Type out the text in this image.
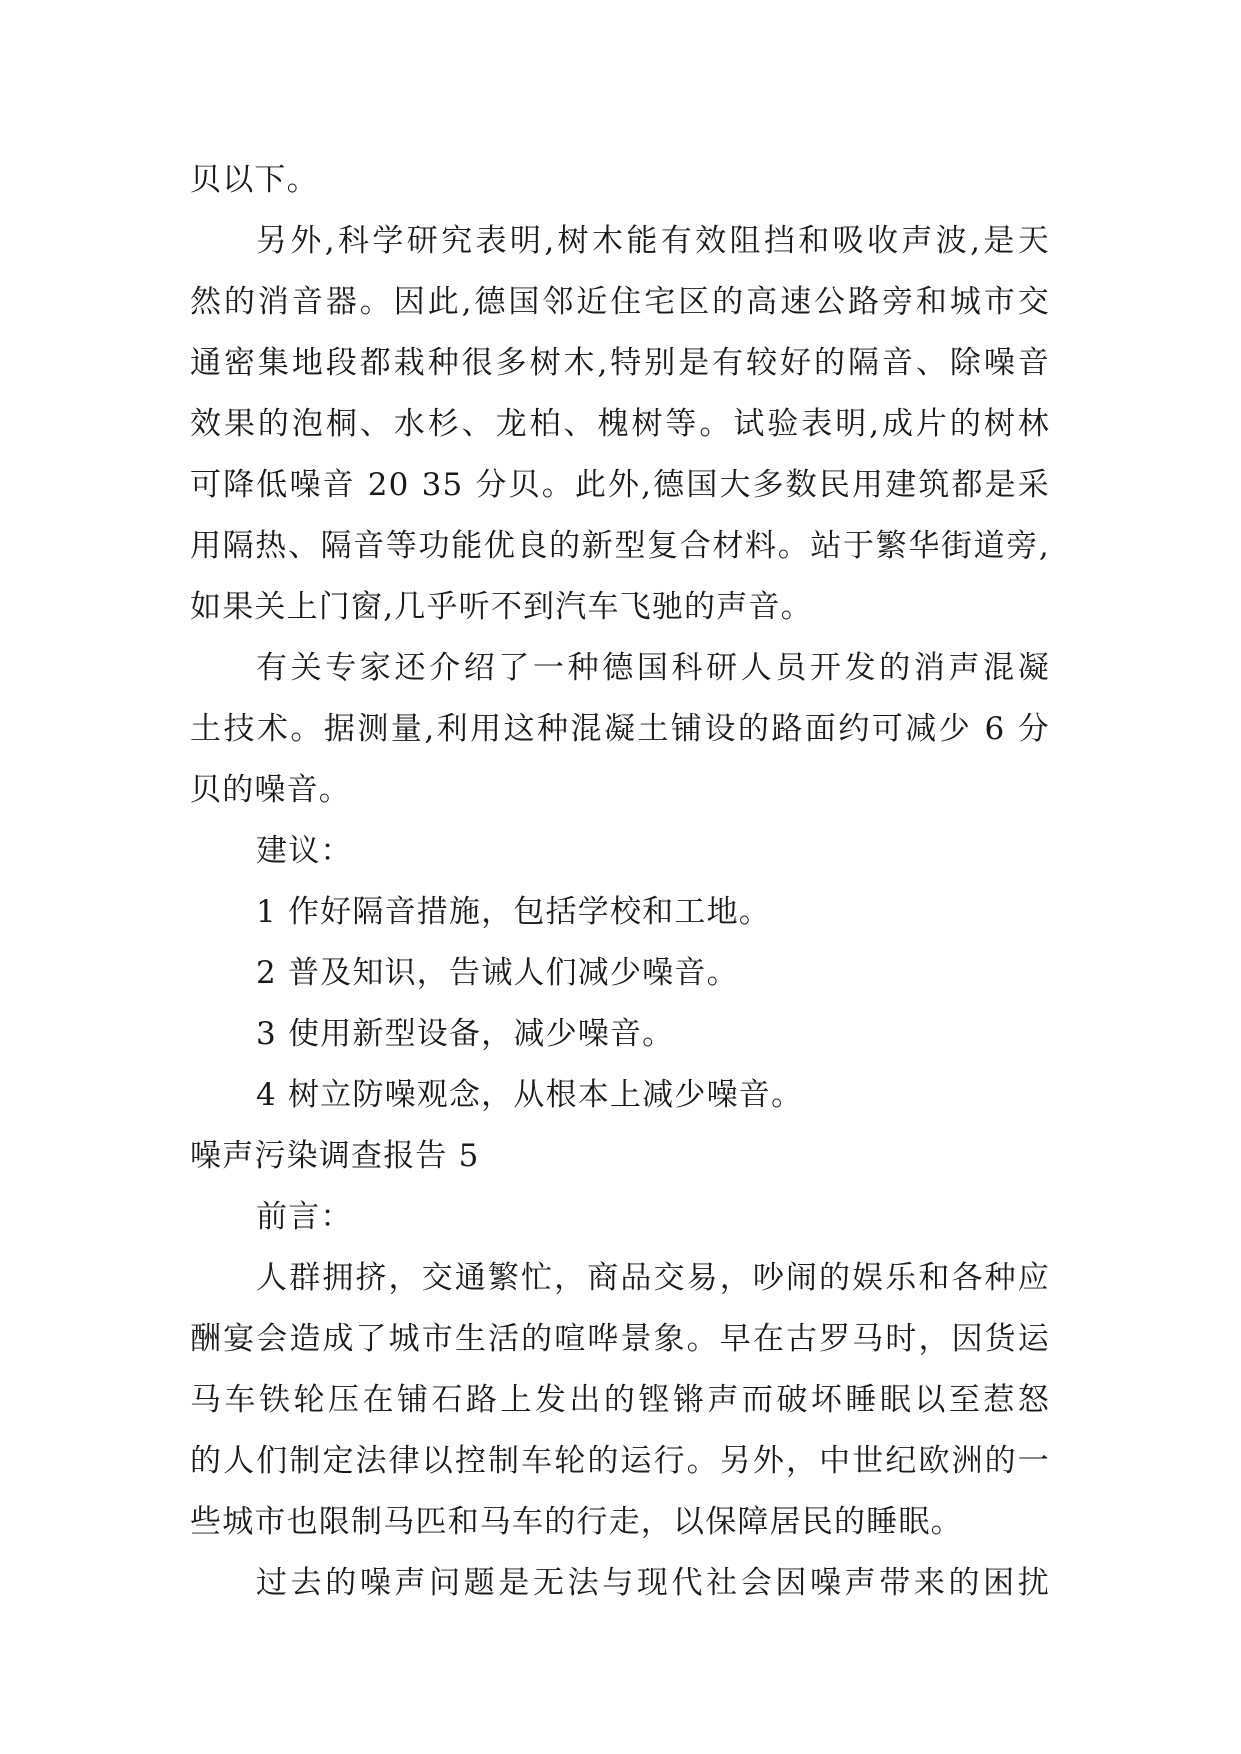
贝以下。
另外,科学研究表明,树木能有效阻挡和吸收声波,是天
然的消音器。因此,德国邻近住宅区的高速公路旁和城市交
通密集地段都栽种很多树木,特别是有较好的隔音、除噪音
效果的泡桐、水杉、龙柏、槐树等。试验表明,成片的树林
可降低噪音 20 35 分贝。此外,德国大多数民用建筑都是采
用隔热、隔音等功能优良的新型复合材料。站于繁华街道旁,
如果关上门窗,几乎听不到汽车飞驰的声音。
有关专家还介绍了一种德国科研人员开发的消声混凝
土技术。据测量,利用这种混凝土铺设的路面约可减少 6 分
贝的噪音。
建议：
1 作好隔音措施，包括学校和工地。
2 普及知识，告诫人们减少噪音。
3 使用新型设备，减少噪音。
4 树立防噪观念，从根本上减少噪音。
噪声污染调查报告 5
前言：
人群拥挤，交通繁忙，商品交易，吵闹的娱乐和各种应
酬宴会造成了城市生活的喧哗景象。早在古罗马时，因货运
马车铁轮压在铺石路上发出的铿锵声而破坏睡眠以至惹怒
的人们制定法律以控制车轮的运行。另外，中世纪欧洲的一
些城市也限制马匹和马车的行走，以保障居民的睡眠。
过去的噪声问题是无法与现代社会因噪声带来的困扰
